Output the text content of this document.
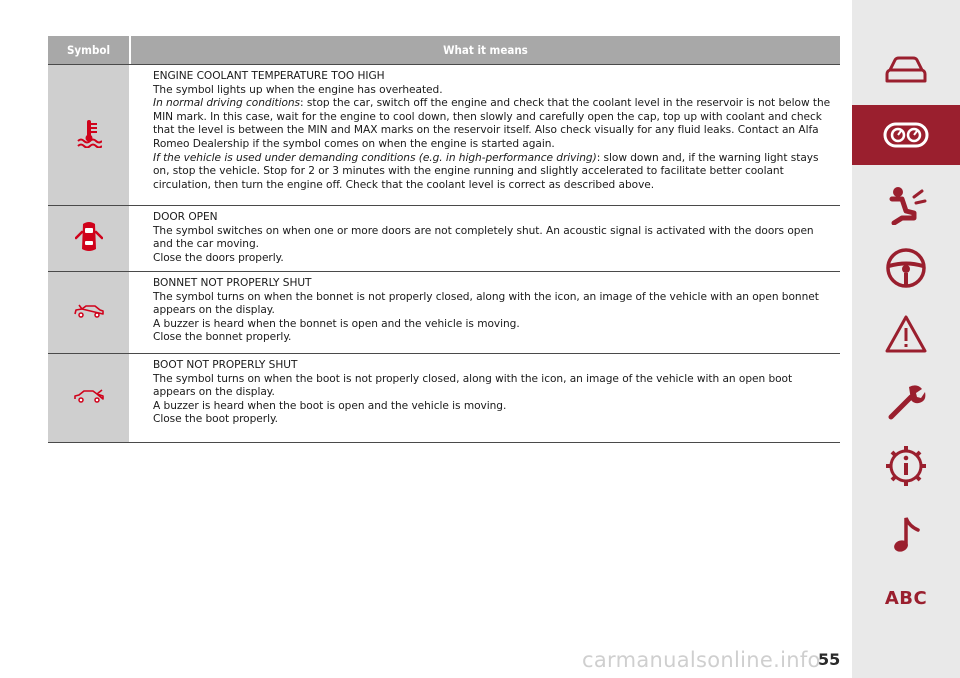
Symbol	What it means

ENGINE COOLANT TEMPERATURE TOO HIGH

The symbol lights up when the engine has overheated.

In normal driving conditions: stop the car, switch off the engine and check that the coolant level in the reservoir is not below the MIN mark. In this case, wait for the engine to cool down, then slowly and carefully open the cap, top up with coolant and check that the level is between the MIN and MAX marks on the reservoir itself. Also check visually for any fluid leaks. Contact an Alfa Romeo Dealership if the symbol comes on when the engine is started again.

If the vehicle is used under demanding conditions (e.g. in high-performance driving): slow down and, if the warning light stays on, stop the vehicle. Stop for 2 or 3 minutes with the engine running and slightly accelerated to facilitate better coolant circulation, then turn the engine off. Check that the coolant level is correct as described above.

DOOR OPEN

The symbol switches on when one or more doors are not completely shut. An acoustic signal is activated with the doors open and the car moving.

Close the doors properly.

BONNET NOT PROPERLY SHUT

The symbol turns on when the bonnet is not properly closed, along with the icon, an image of the vehicle with an open bonnet appears on the display.

A buzzer is heard when the bonnet is open and the vehicle is moving.

Close the bonnet properly.

BOOT NOT PROPERLY SHUT

The symbol turns on when the boot is not properly closed, along with the icon, an image of the vehicle with an open boot appears on the display.

A buzzer is heard when the boot is open and the vehicle is moving.

Close the boot properly.

ABC
carmanualsonline.info
55
